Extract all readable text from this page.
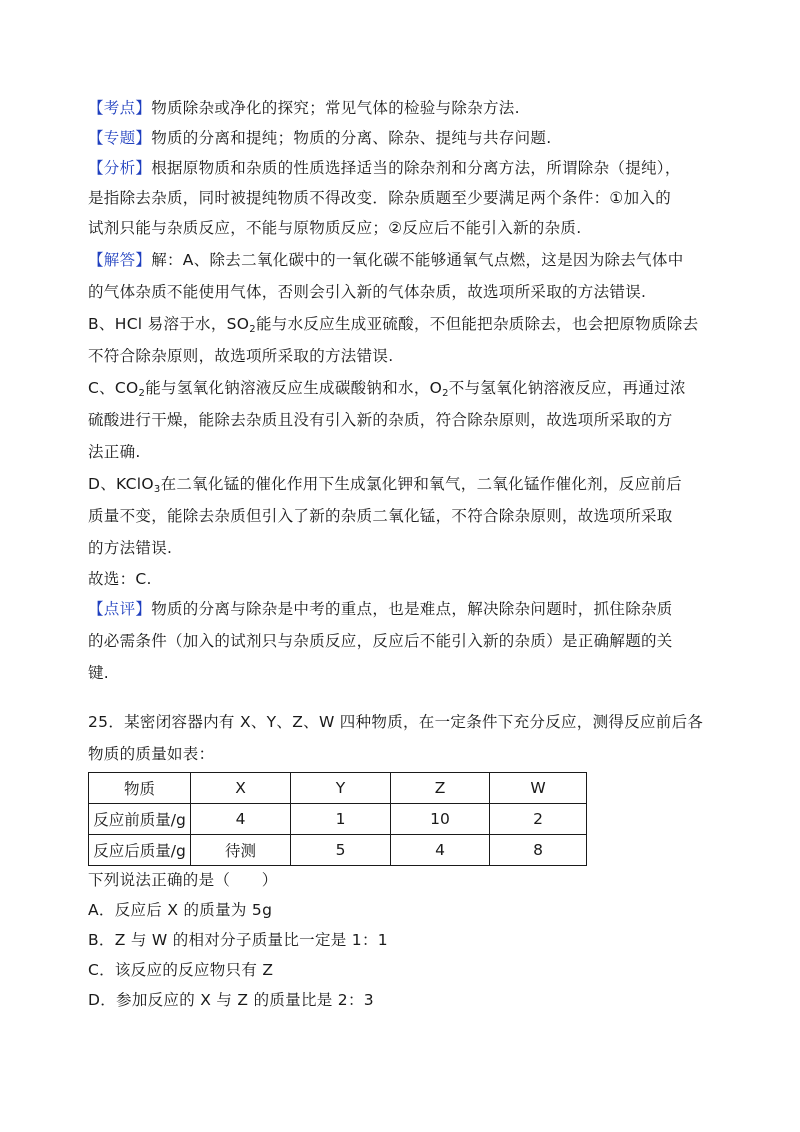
【考点】物质除杂或净化的探究；常见气体的检验与除杂方法.
【专题】物质的分离和提纯；物质的分离、除杂、提纯与共存问题.
【分析】根据原物质和杂质的性质选择适当的除杂剂和分离方法，所谓除杂（提纯），
是指除去杂质，同时被提纯物质不得改变．除杂质题至少要满足两个条件：①加入的
试剂只能与杂质反应，不能与原物质反应；②反应后不能引入新的杂质.
【解答】解：A、除去二氧化碳中的一氧化碳不能够通氧气点燃，这是因为除去气体中
的气体杂质不能使用气体，否则会引入新的气体杂质，故选项所采取的方法错误.
B、HCl 易溶于水，$SO_2$能与水反应生成亚硫酸，不但能把杂质除去，也会把原物质除去
不符合除杂原则，故选项所采取的方法错误.
C、$CO_2$能与氢氧化钠溶液反应生成碳酸钠和水，$O_2$不与氢氧化钠溶液反应，再通过浓
硫酸进行干燥，能除去杂质且没有引入新的杂质，符合除杂原则，故选项所采取的方
法正确.
D、KClO$_3$在二氧化锰的催化作用下生成氯化钾和氧气，二氧化锰作催化剂，反应前后
质量不变，能除去杂质但引入了新的杂质二氧化锰，不符合除杂原则，故选项所采取
的方法错误.
故选：C.
【点评】物质的分离与除杂是中考的重点，也是难点，解决除杂问题时，抓住除杂质
的必需条件（加入的试剂只与杂质反应，反应后不能引入新的杂质）是正确解题的关
键.
25．某密闭容器内有 X、Y、Z、W 四种物质，在一定条件下充分反应，测得反应前后各
物质的质量如表：
物质	X	Y	Z	W
反应前质量/g	4	1	10	2
反应后质量/g	待测	5	4	8
下列说法正确的是（　　）
A．反应后 X 的质量为 5g
B．Z 与 W 的相对分子质量比一定是 1：1
C．该反应的反应物只有 Z
D．参加反应的 X 与 Z 的质量比是 2：3
